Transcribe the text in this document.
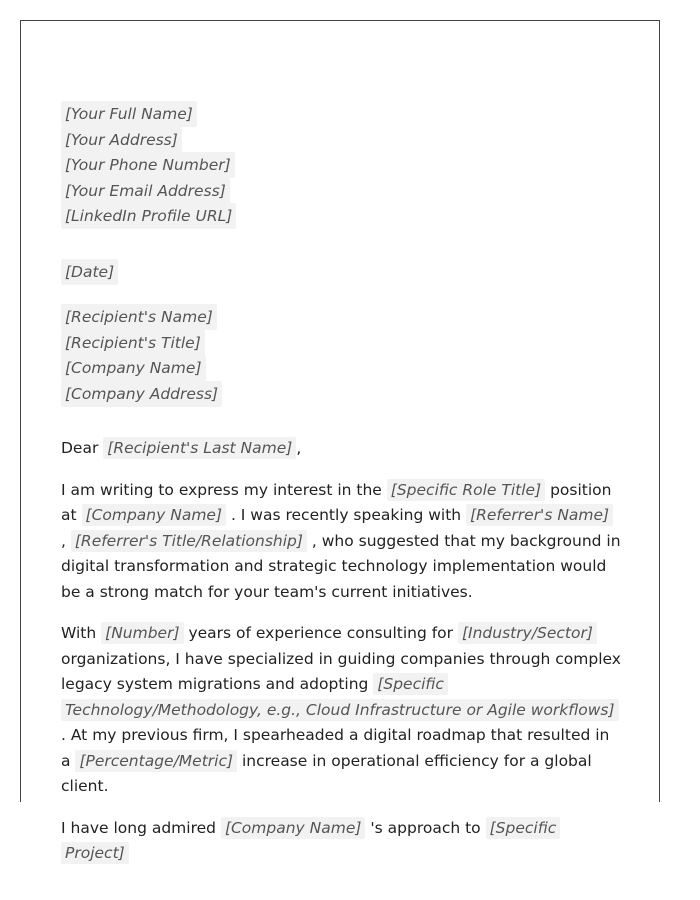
[Your Full Name]
[Your Address]
[Your Phone Number]
[Your Email Address]
[LinkedIn Profile URL]
[Date]
[Recipient's Name]
[Recipient's Title]
[Company Name]
[Company Address]

Dear [Recipient's Last Name] ,

I am writing to express my interest in the [Specific Role Title] position at [Company Name] . I was recently speaking with [Referrer's Name] , [Referrer's Title/Relationship] , who suggested that my background in digital transformation and strategic technology implementation would be a strong match for your team's current initiatives.

With [Number] years of experience consulting for [Industry/Sector] organizations, I have specialized in guiding companies through complex legacy system migrations and adopting [Specific Technology/Methodology, e.g., Cloud Infrastructure or Agile workflows] . At my previous firm, I spearheaded a digital roadmap that resulted in a [Percentage/Metric] increase in operational efficiency for a global client.

I have long admired [Company Name] 's approach to [Specific Project]
